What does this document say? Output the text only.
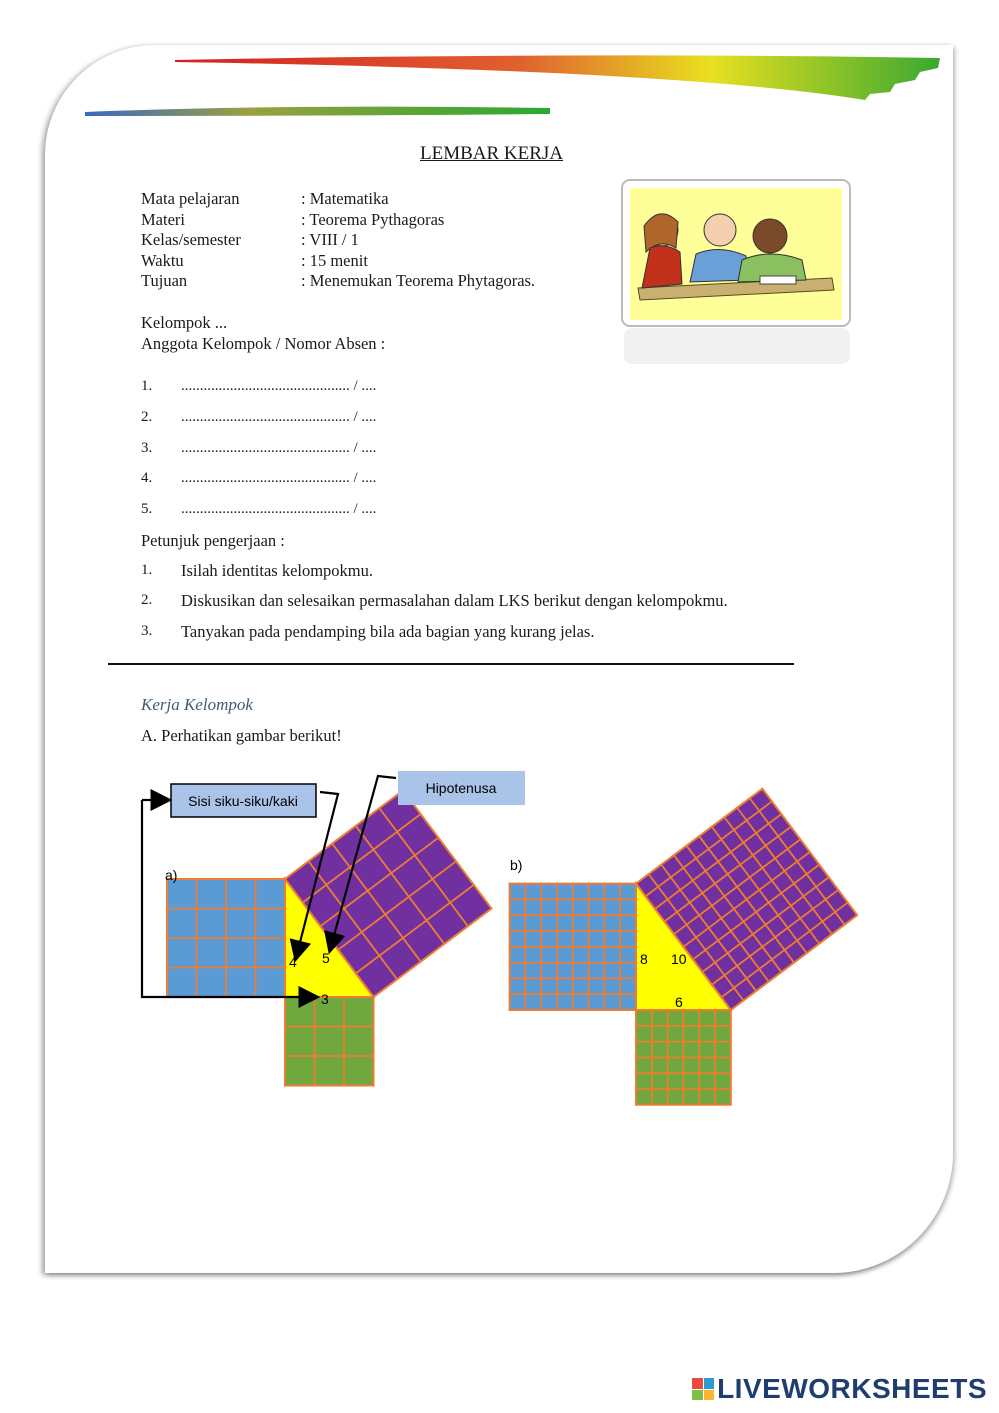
LEMBAR KERJA
Mata pelajaran	: Matematika
Materi	: Teorema Pythagoras
Kelas/semester	: VIII / 1
Waktu	: 15 menit
Tujuan	: Menemukan Teorema Phytagoras.
Kelompok ...
Anggota Kelompok / Nomor Absen :
1. ............................................. / ....
2. ............................................. / ....
3. ............................................. / ....
4. ............................................. / ....
5. ............................................. / ....
Petunjuk pengerjaan :
1. Isilah identitas kelompokmu.
2. Diskusikan dan selesaikan permasalahan dalam LKS berikut dengan kelompokmu.
3. Tanyakan pada pendamping bila ada bagian yang kurang jelas.
Kerja Kelompok
A. Perhatikan gambar berikut!
Sisi siku-siku/kaki
Hipotenusa
a)
b)
4
3
5	8
6
10
LIVEWORKSHEETS
